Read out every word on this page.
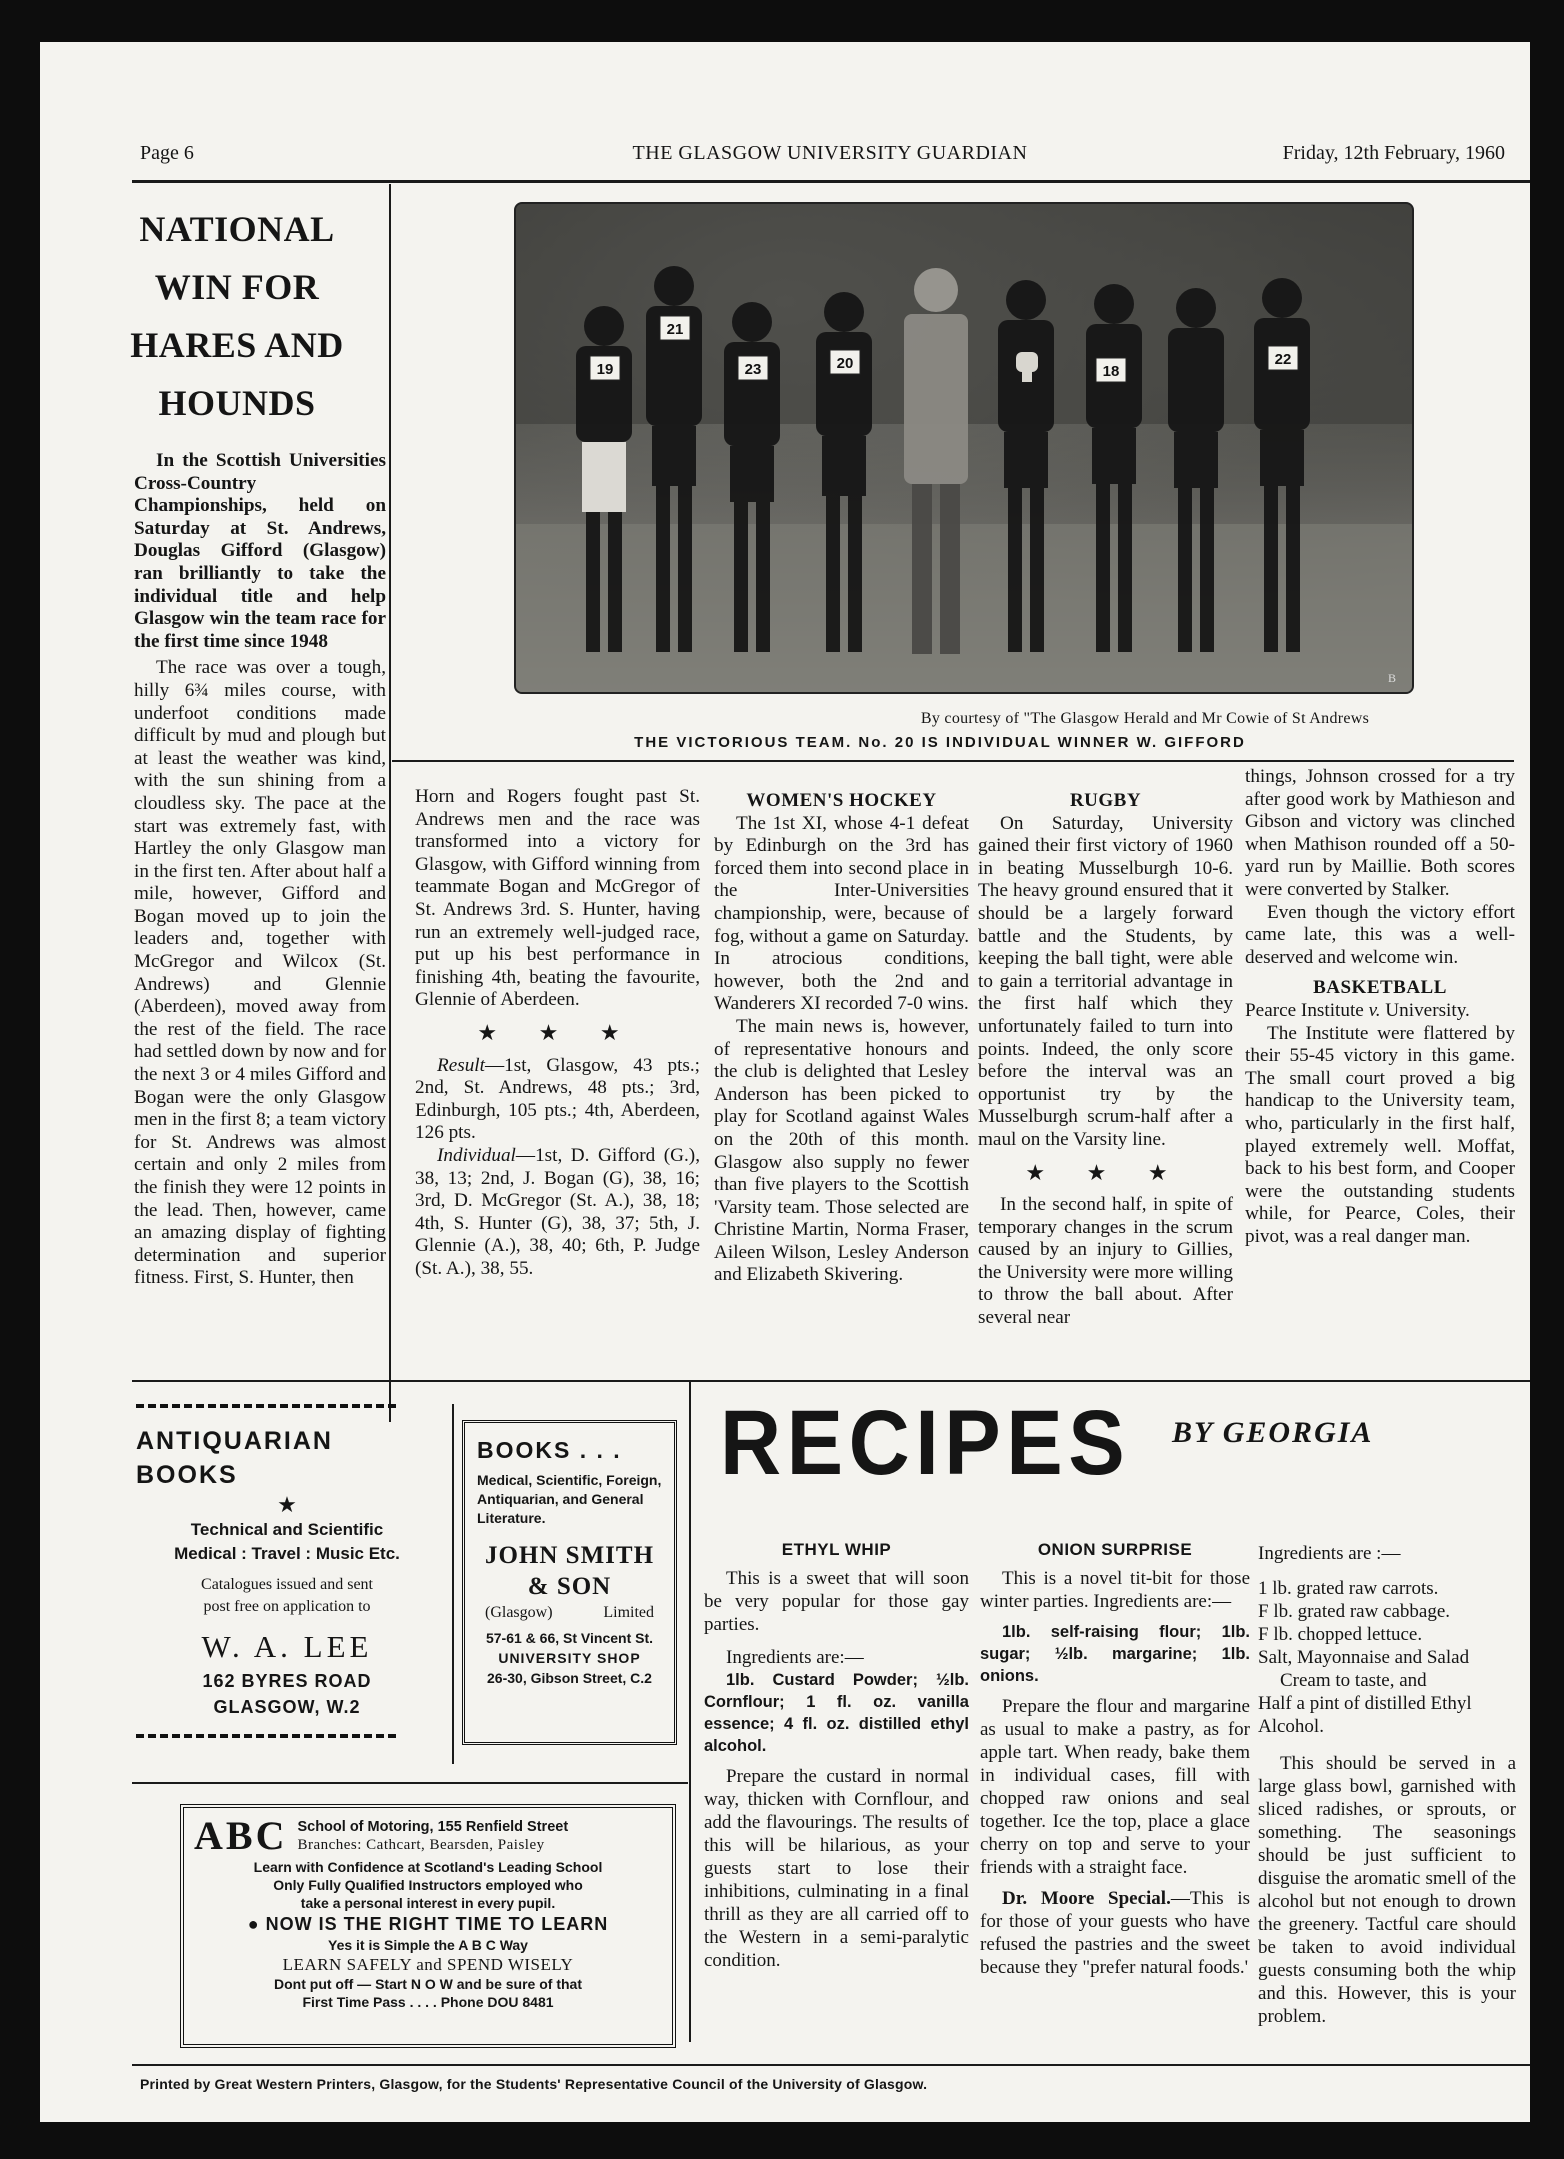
Page 6	THE GLASGOW UNIVERSITY GUARDIAN	Friday, 12th February, 1960
NATIONAL
WIN FOR
HARES AND
HOUNDS

In the Scottish Universities Cross-Country Championships, held on Saturday at St. Andrews, Douglas Gifford (Glasgow) ran brilliantly to take the individual title and help Glasgow win the team race for the first time since 1948

The race was over a tough, hilly 6¾ miles course, with underfoot conditions made difficult by mud and plough but at least the weather was kind, with the sun shining from a cloudless sky. The pace at the start was extremely fast, with Hartley the only Glasgow man in the first ten. After about half a mile, however, Gifford and Bogan moved up to join the leaders and, together with McGregor and Wilcox (St. Andrews) and Glennie (Aberdeen), moved away from the rest of the field. The race had settled down by now and for the next 3 or 4 miles Gifford and Bogan were the only Glasgow men in the first 8; a team victory for St. Andrews was almost certain and only 2 miles from the finish they were 12 points in the lead. Then, however, came an amazing display of fighting determination and superior fitness. First, S. Hunter, then

19
21
23	20	18
22
B
By courtesy of "The Glasgow Herald and Mr Cowie of St Andrews
THE VICTORIOUS TEAM. No. 20 IS INDIVIDUAL WINNER W. GIFFORD

Horn and Rogers fought past St. Andrews men and the race was transformed into a victory for Glasgow, with Gifford winning from teammate Bogan and McGregor of St. Andrews 3rd. S. Hunter, having run an extremely well-judged race, put up his best performance in finishing 4th, beating the favourite, Glennie of Aberdeen.

★ ★ ★

Result—1st, Glasgow, 43 pts.; 2nd, St. Andrews, 48 pts.; 3rd, Edinburgh, 105 pts.; 4th, Aberdeen, 126 pts.

Individual—1st, D. Gifford (G.), 38, 13; 2nd, J. Bogan (G), 38, 16; 3rd, D. McGregor (St. A.), 38, 18; 4th, S. Hunter (G), 38, 37; 5th, J. Glennie (A.), 38, 40; 6th, P. Judge (St. A.), 38, 55.

WOMEN'S HOCKEY

The 1st XI, whose 4-1 defeat by Edinburgh on the 3rd has forced them into second place in the Inter-Universities championship, were, because of fog, without a game on Saturday. In atrocious conditions, however, both the 2nd and Wanderers XI recorded 7-0 wins.

The main news is, however, of representative honours and the club is delighted that Lesley Anderson has been picked to play for Scotland against Wales on the 20th of this month. Glasgow also supply no fewer than five players to the Scottish 'Varsity team. Those selected are Christine Martin, Norma Fraser, Aileen Wilson, Lesley Anderson and Elizabeth Skivering.

RUGBY

On Saturday, University gained their first victory of 1960 in beating Musselburgh 10-6. The heavy ground ensured that it should be a largely forward battle and the Students, by keeping the ball tight, were able to gain a territorial advantage in the first half which they unfortunately failed to turn into points. Indeed, the only score before the interval was an opportunist try by the Musselburgh scrum-half after a maul on the Varsity line.

★ ★ ★

In the second half, in spite of temporary changes in the scrum caused by an injury to Gillies, the University were more willing to throw the ball about. After several near

things, Johnson crossed for a try after good work by Mathieson and Gibson and victory was clinched when Mathison rounded off a 50-yard run by Maillie. Both scores were converted by Stalker.

Even though the victory effort came late, this was a well-deserved and welcome win.

BASKETBALL

Pearce Institute v. University.

The Institute were flattered by their 55-45 victory in this game. The small court proved a big handicap to the University team, who, particularly in the first half, played extremely well. Moffat, back to his best form, and Cooper were the outstanding students while, for Pearce, Coles, their pivot, was a real danger man.

ANTIQUARIAN
BOOKS
★
Technical and Scientific
Medical : Travel : Music Etc.
Catalogues issued and sent
post free on application to
W. A. LEE
162 BYRES ROAD
GLASGOW, W.2
BOOKS . . .
Medical, Scientific, Foreign, Antiquarian, and General Literature.
JOHN SMITH
& SON
(Glasgow)	Limited
57-61 & 66, St Vincent St.
UNIVERSITY SHOP
26-30, Gibson Street, C.2
ABC School of Motoring, 155 Renfield Street
Branches: Cathcart, Bearsden, Paisley
Learn with Confidence at Scotland's Leading School
Only Fully Qualified Instructors employed who
take a personal interest in every pupil.
● NOW IS THE RIGHT TIME TO LEARN
Yes it is Simple the A B C Way
LEARN SAFELY and SPEND WISELY
Dont put off — Start N O W and be sure of that
First Time Pass . . . . Phone DOU 8481
RECIPES	BY GEORGIA
ETHYL WHIP

This is a sweet that will soon be very popular for those gay parties.

Ingredients are:—

1lb. Custard Powder; ½lb. Cornflour; 1 fl. oz. vanilla essence; 4 fl. oz. distilled ethyl alcohol.

Prepare the custard in normal way, thicken with Cornflour, and add the flavourings. The results of this will be hilarious, as your guests start to lose their inhibitions, culminating in a final thrill as they are all carried off to the Western in a semi-paralytic condition.

ONION SURPRISE

This is a novel tit-bit for those winter parties. Ingredients are:—

1lb. self-raising flour; 1lb. sugar; ½lb. margarine; 1lb. onions.

Prepare the flour and margarine as usual to make a pastry, as for apple tart. When ready, bake them in individual cases, fill with chopped raw onions and seal together. Ice the top, place a glace cherry on top and serve to your friends with a straight face.

Dr. Moore Special.—This is for those of your guests who have refused the pastries and the sweet because they "prefer natural foods.'

Ingredients are :—

1 lb. grated raw carrots.
F lb. grated raw cabbage.
F lb. chopped lettuce.
Salt, Mayonnaise and Salad
Cream to taste, and
Half a pint of distilled Ethyl Alcohol.

This should be served in a large glass bowl, garnished with sliced radishes, or sprouts, or something. The seasonings should be just sufficient to disguise the aromatic smell of the alcohol but not enough to drown the greenery. Tactful care should be taken to avoid individual guests consuming both the whip and this. However, this is your problem.

Printed by Great Western Printers, Glasgow, for the Students' Representative Council of the University of Glasgow.
